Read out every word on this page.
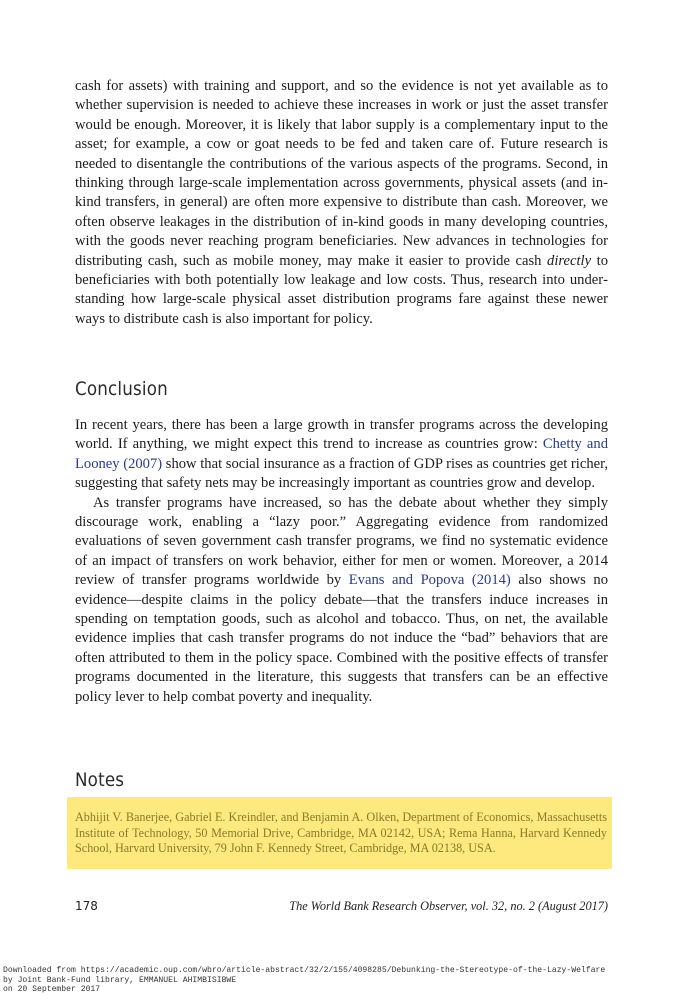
cash for assets) with training and support, and so the evidence is not yet available as to whether supervision is needed to achieve these increases in work or just the asset transfer would be enough. Moreover, it is likely that labor supply is a complementary input to the asset; for example, a cow or goat needs to be fed and taken care of. Future research is needed to disentangle the contributions of the various aspects of the programs. Second, in thinking through large-scale implementation across governments, physical assets (and in-kind transfers, in general) are often more expensive to distribute than cash. Moreover, we often observe leakages in the distribution of in-kind goods in many developing countries, with the goods never reaching program beneficiaries. New advances in technologies for distributing cash, such as mobile money, may make it easier to provide cash directly to beneficiaries with both potentially low leakage and low costs. Thus, research into understanding how large-scale physical asset distribution programs fare against these newer ways to distribute cash is also important for policy.

Conclusion

In recent years, there has been a large growth in transfer programs across the developing world. If anything, we might expect this trend to increase as countries grow: Chetty and Looney (2007) show that social insurance as a fraction of GDP rises as countries get richer, suggesting that safety nets may be increasingly important as countries grow and develop.

As transfer programs have increased, so has the debate about whether they simply discourage work, enabling a “lazy poor.” Aggregating evidence from randomized evaluations of seven government cash transfer programs, we find no systematic evidence of an impact of transfers on work behavior, either for men or women. Moreover, a 2014 review of transfer programs worldwide by Evans and Popova (2014) also shows no evidence—despite claims in the policy debate—that the transfers induce increases in spending on temptation goods, such as alcohol and tobacco. Thus, on net, the available evidence implies that cash transfer programs do not induce the “bad” behaviors that are often attributed to them in the policy space. Combined with the positive effects of transfer programs documented in the literature, this suggests that transfers can be an effective policy lever to help combat poverty and inequality.

Notes

Abhijit V. Banerjee, Gabriel E. Kreindler, and Benjamin A. Olken, Department of Economics, Massachusetts Institute of Technology, 50 Memorial Drive, Cambridge, MA 02142, USA; Rema Hanna, Harvard Kennedy School, Harvard University, 79 John F. Kennedy Street, Cambridge, MA 02138, USA.

178	The World Bank Research Observer, vol. 32, no. 2 (August 2017)
Downloaded from https://academic.oup.com/wbro/article-abstract/32/2/155/4098285/Debunking-the-Stereotype-of-the-Lazy-Welfare
by Joint Bank-Fund library, EMMANUEL AHIMBISIBWE
on 20 September 2017
